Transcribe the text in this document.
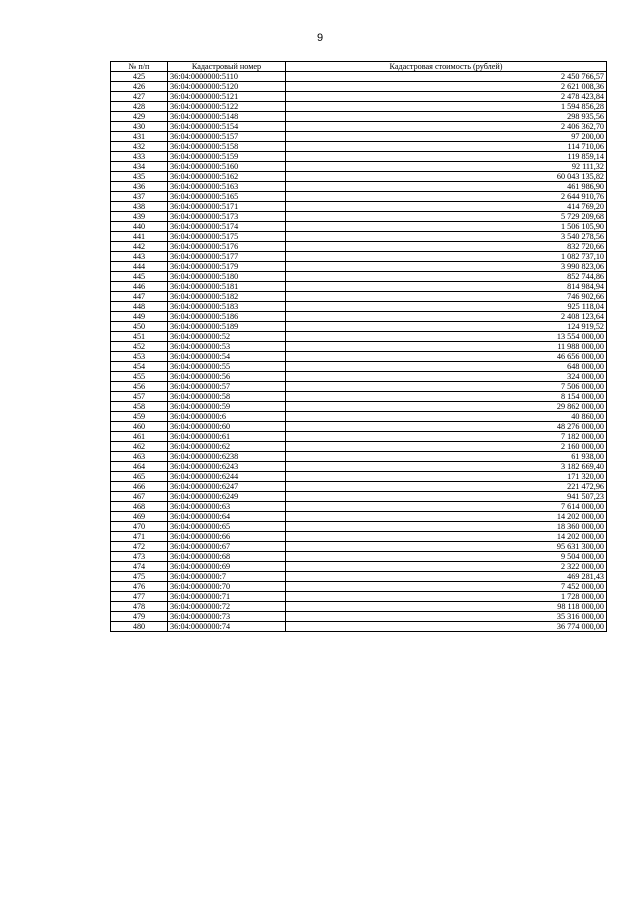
9
№ п/п	Кадастровый номер	Кадастровая стоимость (рублей)
425	36:04:0000000:5110	2 450 766,57
426	36:04:0000000:5120	2 621 008,36
427	36:04:0000000:5121	2 478 423,84
428	36:04:0000000:5122	1 594 856,28
429	36:04:0000000:5148	298 935,56
430	36:04:0000000:5154	2 406 362,70
431	36:04:0000000:5157	97 200,00
432	36:04:0000000:5158	114 710,06
433	36:04:0000000:5159	119 859,14
434	36:04:0000000:5160	92 111,32
435	36:04:0000000:5162	60 043 135,82
436	36:04:0000000:5163	461 986,90
437	36:04:0000000:5165	2 644 910,76
438	36:04:0000000:5171	414 769,20
439	36:04:0000000:5173	5 729 209,68
440	36:04:0000000:5174	1 506 105,90
441	36:04:0000000:5175	3 540 278,56
442	36:04:0000000:5176	832 720,66
443	36:04:0000000:5177	1 082 737,10
444	36:04:0000000:5179	3 990 823,06
445	36:04:0000000:5180	852 744,86
446	36:04:0000000:5181	814 984,94
447	36:04:0000000:5182	746 902,66
448	36:04:0000000:5183	925 118,04
449	36:04:0000000:5186	2 408 123,64
450	36:04:0000000:5189	124 919,52
451	36:04:0000000:52	13 554 000,00
452	36:04:0000000:53	11 988 000,00
453	36:04:0000000:54	46 656 000,00
454	36:04:0000000:55	648 000,00
455	36:04:0000000:56	324 000,00
456	36:04:0000000:57	7 506 000,00
457	36:04:0000000:58	8 154 000,00
458	36:04:0000000:59	29 862 000,00
459	36:04:0000000:6	40 860,00
460	36:04:0000000:60	48 276 000,00
461	36:04:0000000:61	7 182 000,00
462	36:04:0000000:62	2 160 000,00
463	36:04:0000000:6238	61 938,00
464	36:04:0000000:6243	3 182 669,40
465	36:04:0000000:6244	171 320,00
466	36:04:0000000:6247	221 472,96
467	36:04:0000000:6249	941 507,23
468	36:04:0000000:63	7 614 000,00
469	36:04:0000000:64	14 202 000,00
470	36:04:0000000:65	18 360 000,00
471	36:04:0000000:66	14 202 000,00
472	36:04:0000000:67	95 631 300,00
473	36:04:0000000:68	9 504 000,00
474	36:04:0000000:69	2 322 000,00
475	36:04:0000000:7	469 281,43
476	36:04:0000000:70	7 452 000,00
477	36:04:0000000:71	1 728 000,00
478	36:04:0000000:72	98 118 000,00
479	36:04:0000000:73	35 316 000,00
480	36:04:0000000:74	36 774 000,00
